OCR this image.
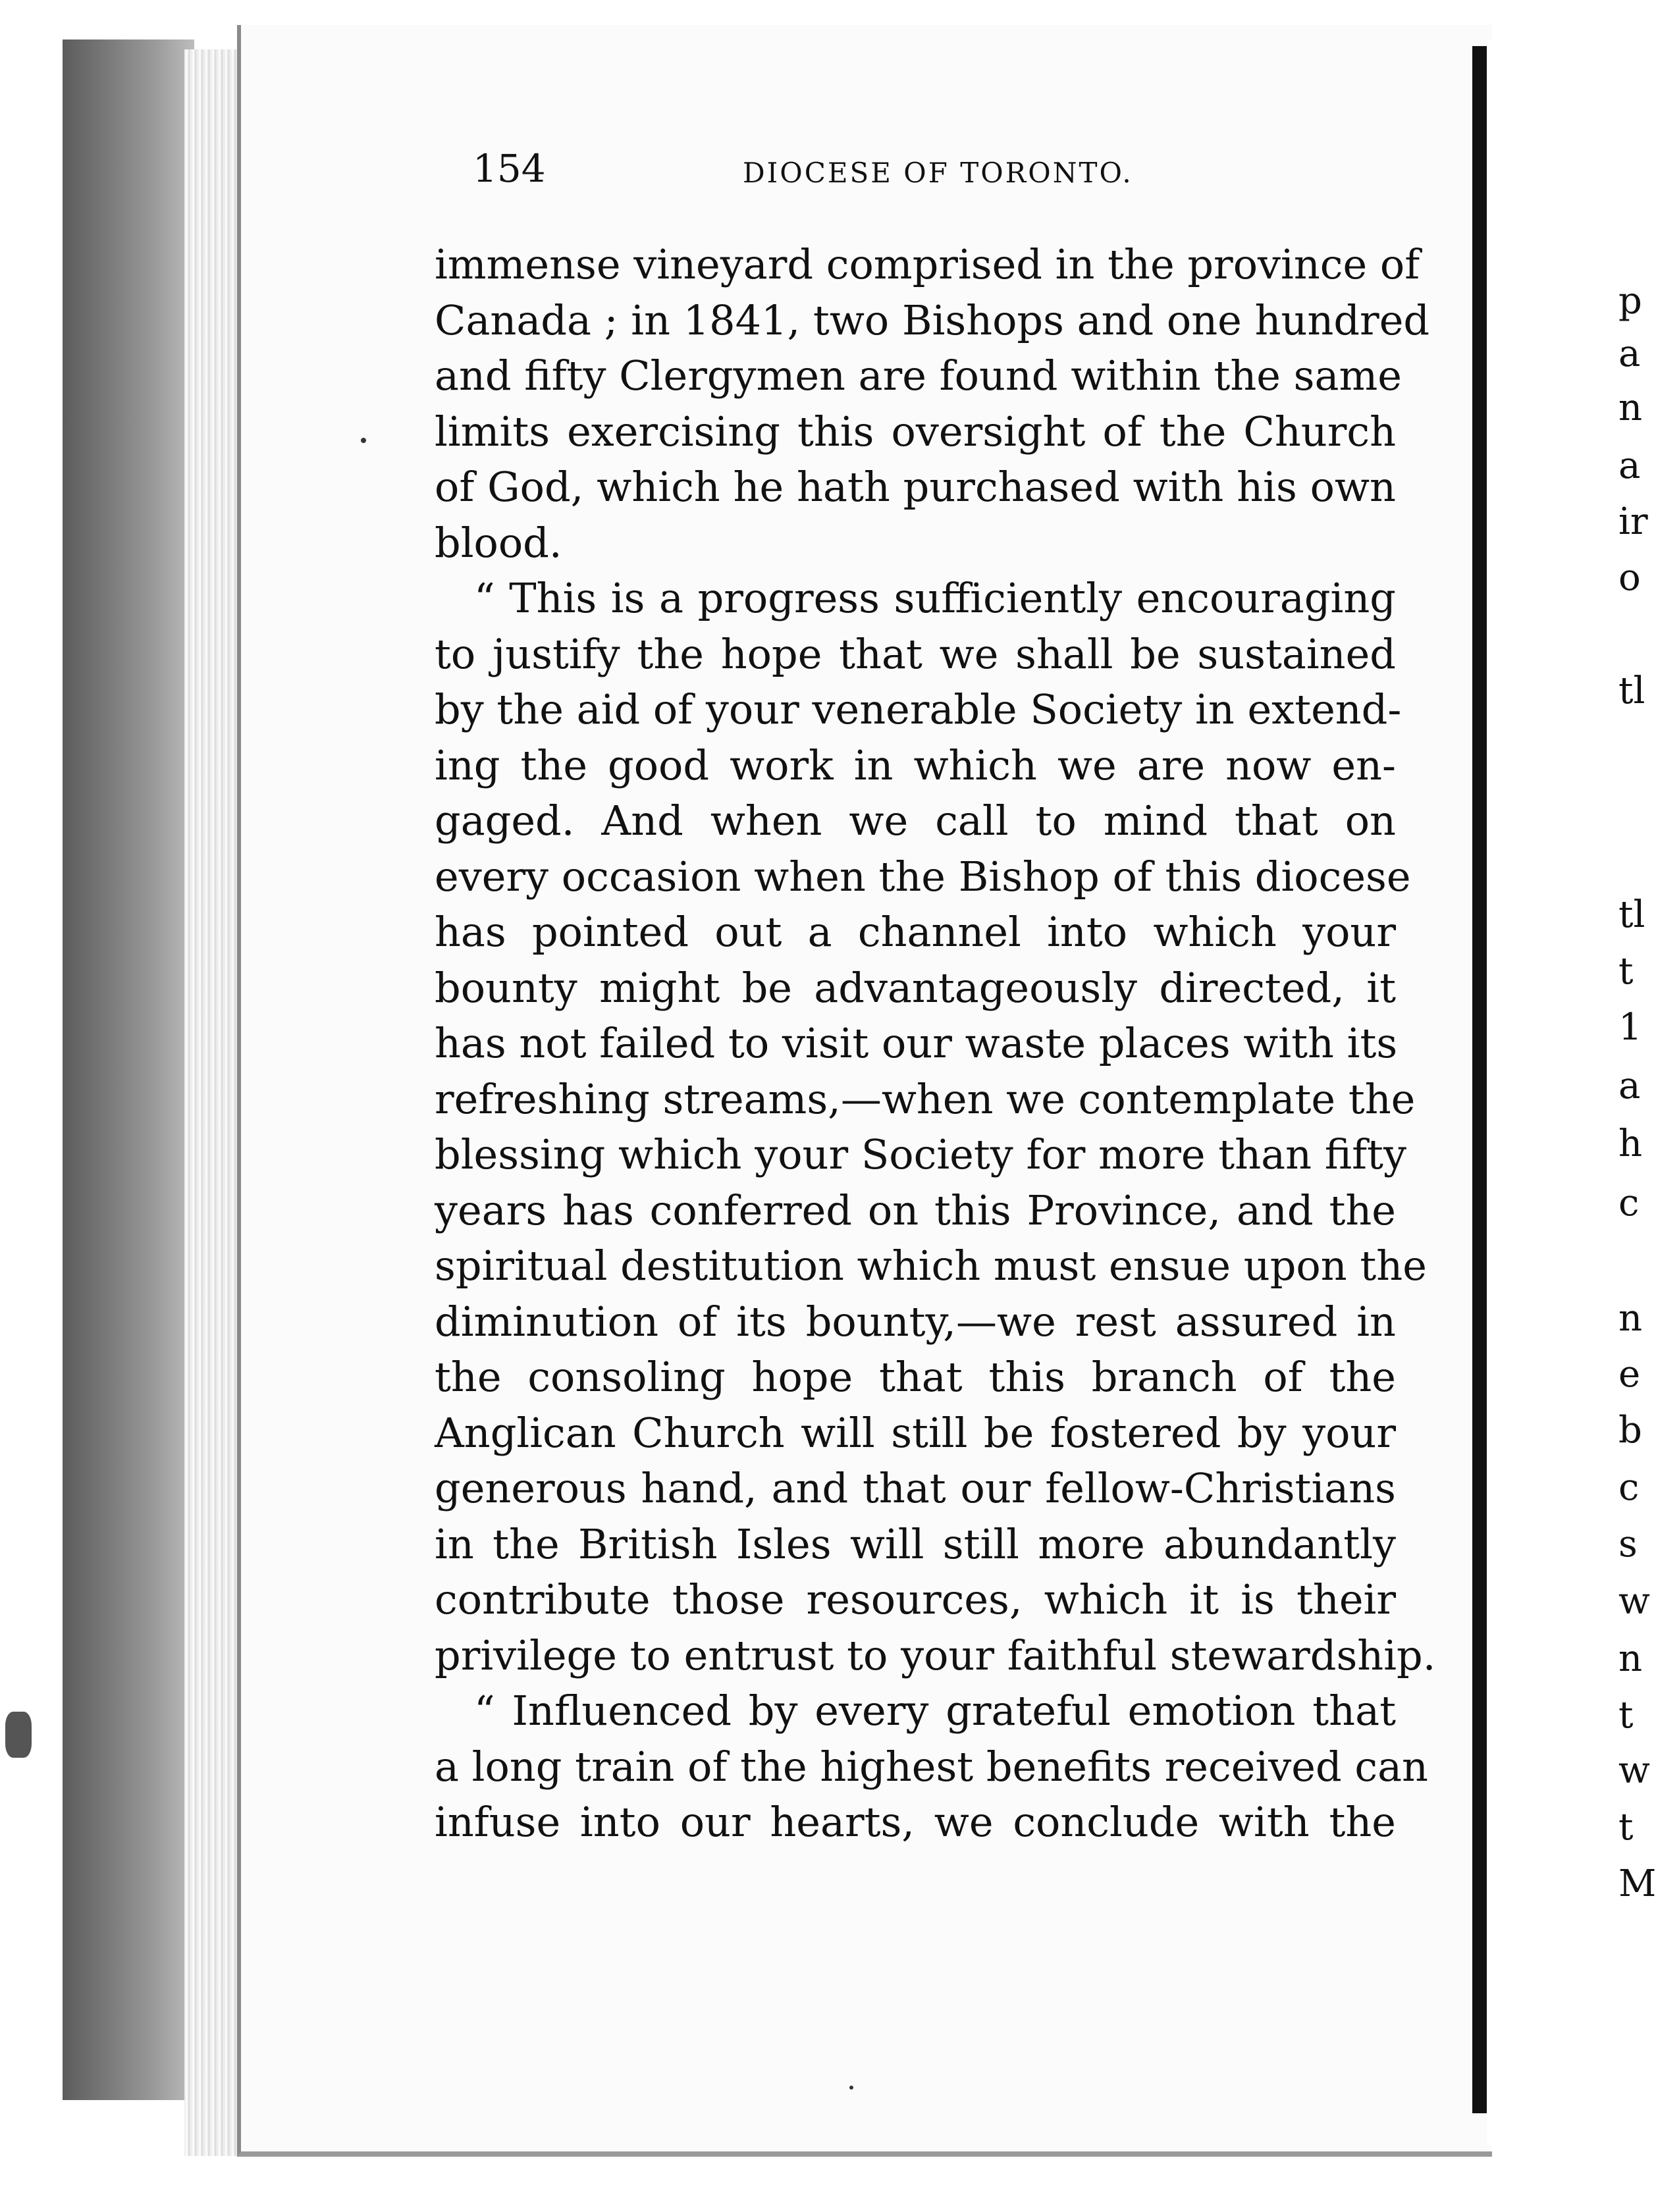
154	DIOCESE OF TORONTO.
immense vineyard comprised in the province of
Canada ; in 1841, two Bishops and one hundred
and fifty Clergymen are found within the same
limits exercising this oversight of the Church
of God, which he hath purchased with his own
blood.
“ This is a progress sufficiently encouraging
to justify the hope that we shall be sustained
by the aid of your venerable Society in extend-
ing the good work in which we are now en-
gaged. And when we call to mind that on
every occasion when the Bishop of this diocese
has pointed out a channel into which your
bounty might be advantageously directed, it
has not failed to visit our waste places with its
refreshing streams,—when we contemplate the
blessing which your Society for more than fifty
years has conferred on this Province, and the
spiritual destitution which must ensue upon the
diminution of its bounty,—we rest assured in
the consoling hope that this branch of the
Anglican Church will still be fostered by your
generous hand, and that our fellow-Christians
in the British Isles will still more abundantly
contribute those resources, which it is their
privilege to entrust to your faithful stewardship.
“ Influenced by every grateful emotion that
a long train of the highest benefits received can
infuse into our hearts, we conclude with the
p
a
n
a
ir
o
tl
tl
t
1
a
h
c
n
e
b
c
s
w
n
t
w
t
M
